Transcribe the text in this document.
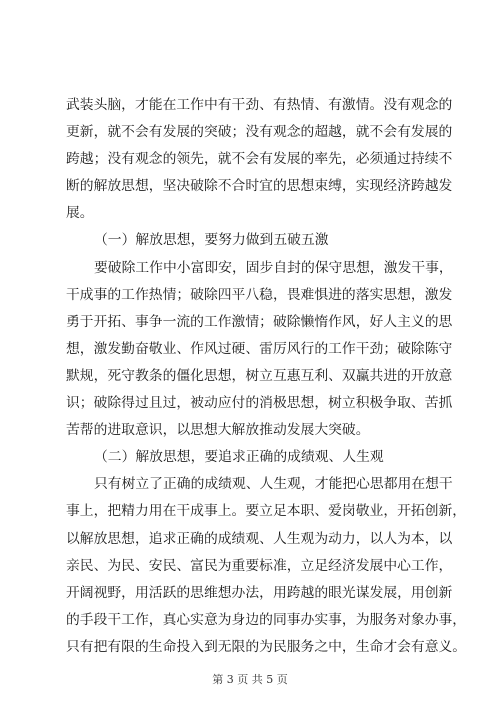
武装头脑，才能在工作中有干劲、有热情、有激情。没有观念的
更新，就不会有发展的突破；没有观念的超越，就不会有发展的
跨越；没有观念的领先，就不会有发展的率先，必须通过持续不
断的解放思想，坚决破除不合时宜的思想束缚，实现经济跨越发
展。
（一）解放思想，要努力做到五破五激
要破除工作中小富即安，固步自封的保守思想，激发干事，
干成事的工作热情；破除四平八稳，畏难惧进的落实思想，激发
勇于开拓、事争一流的工作激情；破除懒惰作风，好人主义的思
想，激发勤奋敬业、作风过硬、雷厉风行的工作干劲；破除陈守
默规，死守教条的僵化思想，树立互惠互利、双赢共进的开放意
识；破除得过且过，被动应付的消极思想，树立积极争取、苦抓
苦帮的进取意识，以思想大解放推动发展大突破。
（二）解放思想，要追求正确的成绩观、人生观
只有树立了正确的成绩观、人生观，才能把心思都用在想干
事上，把精力用在干成事上。要立足本职、爱岗敬业，开拓创新，
以解放思想，追求正确的成绩观、人生观为动力，以人为本，以
亲民、为民、安民、富民为重要标准，立足经济发展中心工作，
开阔视野，用活跃的思维想办法，用跨越的眼光谋发展，用创新
的手段干工作，真心实意为身边的同事办实事，为服务对象办事，
只有把有限的生命投入到无限的为民服务之中，生命才会有意义。
第 3 页 共 5 页
